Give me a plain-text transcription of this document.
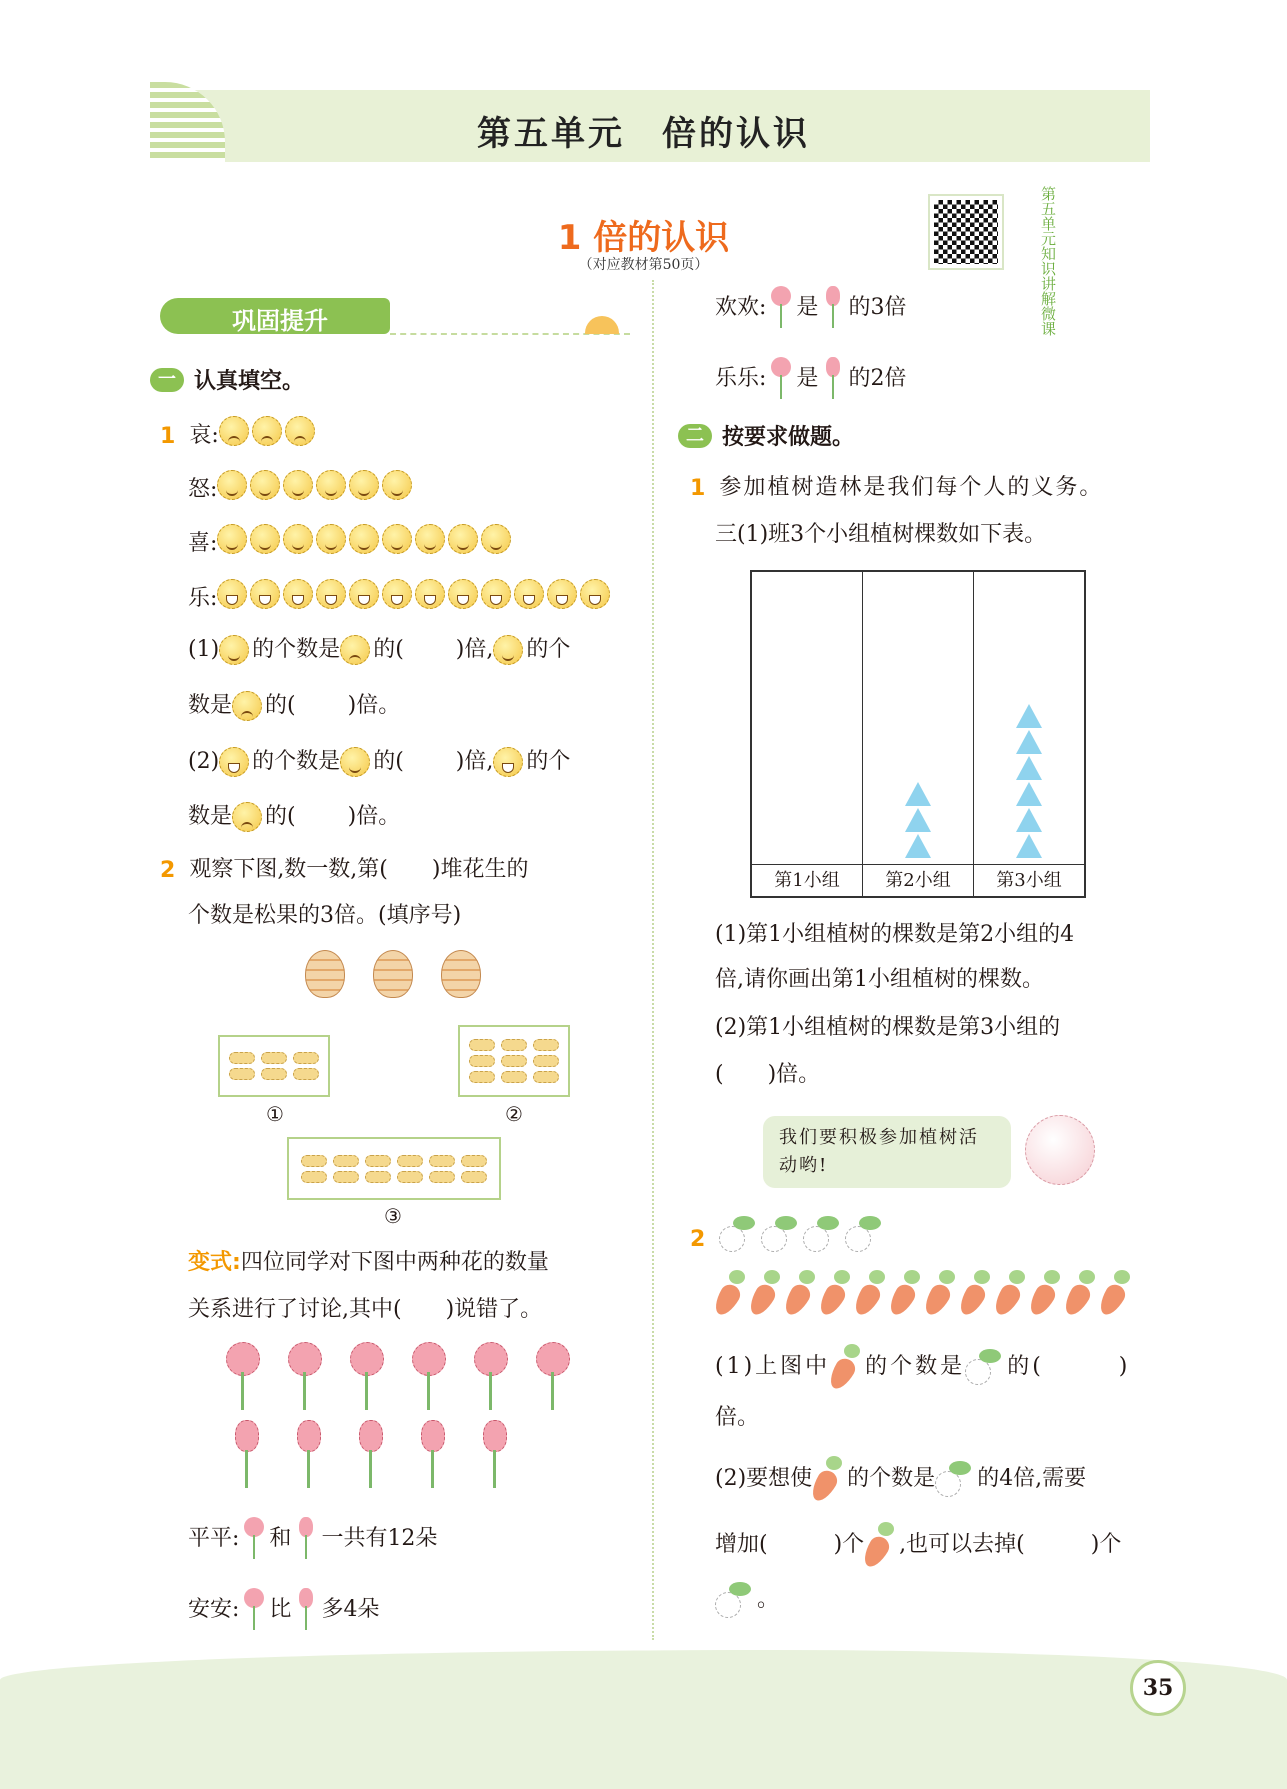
第五单元　倍的认识
1 倍的认识
（对应教材第50页）	第五单元知识讲解微课
巩固提升
一 认真填空。
1 哀:
怒:
喜:
乐:
(1) 的个数是 的( )倍, 的个
数是 的( )倍。
(2) 的个数是 的( )倍, 的个
数是 的( )倍。
2 观察下图,数一数,第(　　)堆花生的
个数是松果的3倍。(填序号)
①	②
③
变式: 四位同学对下图中两种花的数量
关系进行了讨论,其中(　　)说错了。
平平: 和 一共有12朵
安安: 比 多4朵
欢欢: 是 的3倍
乐乐: 是 的2倍
二 按要求做题。
1 参加植树造林是我们每个人的义务。
三(1)班3个小组植树棵数如下表。
第1小组	第2小组	第3小组
(1)第1小组植树的棵数是第2小组的4
倍,请你画出第1小组植树的棵数。
(2)第1小组植树的棵数是第3小组的
(　　)倍。
我们要积极参加植树活动哟!
2
(1)上图中 的个数是 的(　　　)
倍。
(2)要想使 的个数是 的4倍,需要
增加(　　　)个 ,也可以去掉(　　　)个
。
35
